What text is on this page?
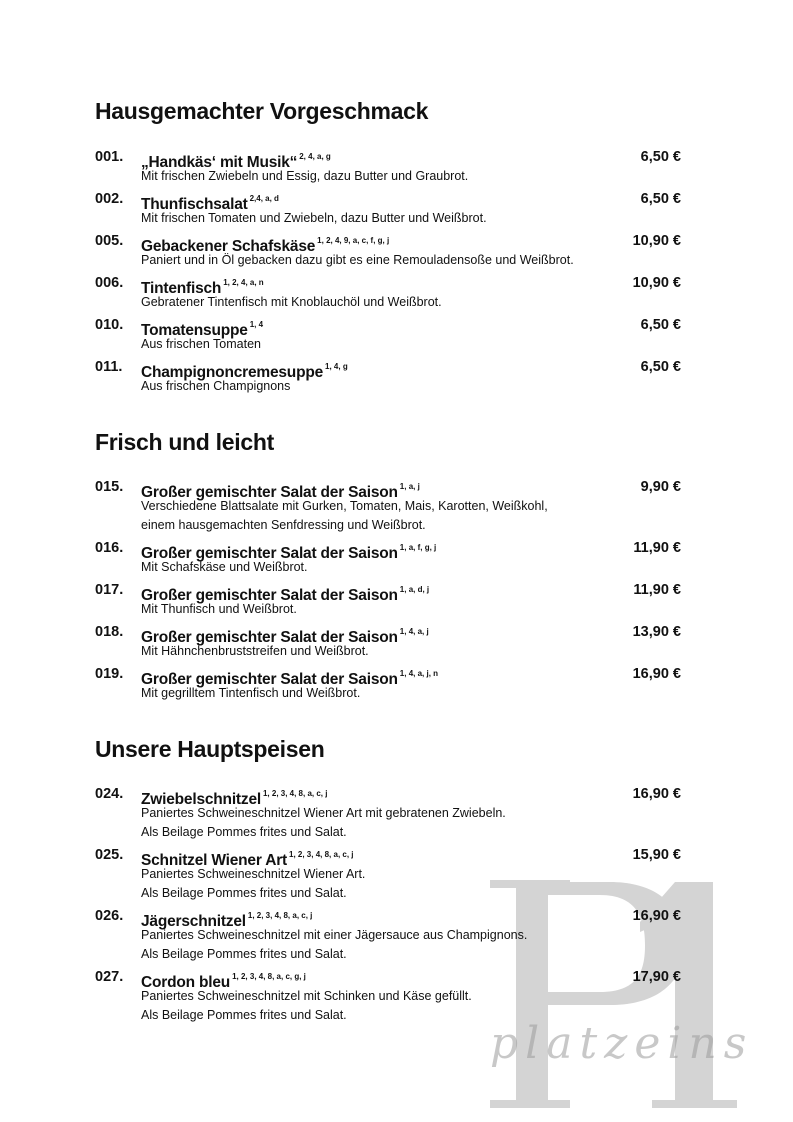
platzeins
Hausgemachter Vorgeschmack
001. „Handkäs‘ mit Musik“ $^{2, 4, a, g}$	6,50 €
Mit frischen Zwiebeln und Essig, dazu Butter und Graubrot.
002. Thunfischsalat $^{2,4, a, d}$	6,50 €
Mit frischen Tomaten und Zwiebeln, dazu Butter und Weißbrot.
005. Gebackener Schafskäse $^{1, 2, 4, 9, a, c, f, g, j}$	10,90 €
Paniert und in Öl gebacken dazu gibt es eine Remouladensoße und Weißbrot.
006. Tintenfisch $^{1, 2, 4, a, n}$	10,90 €
Gebratener Tintenfisch mit Knoblauchöl und Weißbrot.
010. Tomatensuppe $^{1, 4}$	6,50 €
Aus frischen Tomaten
011. Champignoncremesuppe $^{1, 4, g}$	6,50 €
Aus frischen Champignons
Frisch und leicht
015. Großer gemischter Salat der Saison $^{1, a, j}$	9,90 €
Verschiedene Blattsalate mit Gurken, Tomaten, Mais, Karotten, Weißkohl,
einem hausgemachten Senfdressing und Weißbrot.
016. Großer gemischter Salat der Saison $^{1, a, f, g, j}$	11,90 €
Mit Schafskäse und Weißbrot.
017. Großer gemischter Salat der Saison $^{1, a, d, j}$	11,90 €
Mit Thunfisch und Weißbrot.
018. Großer gemischter Salat der Saison $^{1, 4, a, j}$	13,90 €
Mit Hähnchenbruststreifen und Weißbrot.
019. Großer gemischter Salat der Saison $^{1, 4, a, j, n}$	16,90 €
Mit gegrilltem Tintenfisch und Weißbrot.
Unsere Hauptspeisen
024. Zwiebelschnitzel $^{1, 2, 3, 4, 8, a, c, j}$	16,90 €
Paniertes Schweineschnitzel Wiener Art mit gebratenen Zwiebeln.
Als Beilage Pommes frites und Salat.
025. Schnitzel Wiener Art $^{1, 2, 3, 4, 8, a, c, j}$	15,90 €
Paniertes Schweineschnitzel Wiener Art.
Als Beilage Pommes frites und Salat.
026. Jägerschnitzel $^{1, 2, 3, 4, 8, a, c, j}$	16,90 €
Paniertes Schweineschnitzel mit einer Jägersauce aus Champignons.
Als Beilage Pommes frites und Salat.
027. Cordon bleu $^{1, 2, 3, 4, 8, a, c, g, j}$	17,90 €
Paniertes Schweineschnitzel mit Schinken und Käse gefüllt.
Als Beilage Pommes frites und Salat.
